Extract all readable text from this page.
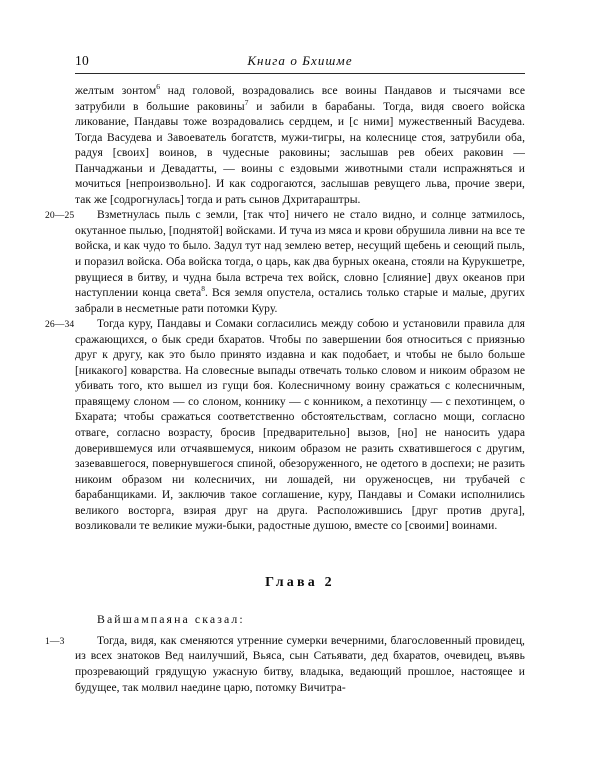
10	Книга о Бхишме

желтым зонтом$^6$ над головой, возрадовались все воины Пандавов и тысячами все затрубили в большие раковины$^7$ и забили в барабаны. Тогда, видя своего войска ликование, Пандавы тоже возрадовались сердцем, и [с ними] мужественный Васудева. Тогда Васудева и Завоеватель богатств, мужи-тигры, на колеснице стоя, затрубили оба, радуя [своих] воинов, в чудесные раковины; заслышав рев обеих раковин — Панчаджаньи и Девадатты, — воины с ездовыми животными стали испражняться и мочиться [непроизвольно]. И как содрогаются, заслышав ревущего льва, прочие звери, так же [содрогнулась] тогда и рать сынов Дхритараштры.

20—25 Взметнулась пыль с земли, [так что] ничего не стало видно, и солнце затмилось, окутанное пылью, [поднятой] войсками. И туча из мяса и крови обрушила ливни на все те войска, и как чудо то было. Задул тут над землею ветер, несущий щебень и сеющий пыль, и поразил войска. Оба войска тогда, о царь, как два бурных океана, стояли на Курукшетре, рвущиеся в битву, и чудна была встреча тех войск, словно [слияние] двух океанов при наступлении конца света$^8$. Вся земля опустела, остались только старые и малые, других забрали в несметные рати потомки Куру.

26—34 Тогда куру, Пандавы и Сомаки согласились между собою и установили правила для сражающихся, о бык среди бхаратов. Чтобы по завершении боя относиться с приязнью друг к другу, как это было принято издавна и как подобает, и чтобы не было больше [никакого] коварства. На словесные выпады отвечать только словом и никоим образом не убивать того, кто вышел из гущи боя. Колесничному воину сражаться с колесничным, правящему слоном — со слоном, коннику — с конником, а пехотинцу — с пехотинцем, о Бхарата; чтобы сражаться соответственно обстоятельствам, согласно мощи, согласно отваге, согласно возрасту, бросив [предварительно] вызов, [но] не наносить удара доверившемуся или отчаявшемуся, никоим образом не разить схватившегося с другим, зазевавшегося, повернувшегося спиной, обезоруженного, не одетого в доспехи; не разить никоим образом ни колесничих, ни лошадей, ни оруженосцев, ни трубачей с барабанщиками. И, заключив такое соглашение, куру, Пандавы и Сомаки исполнились великого восторга, взирая друг на друга. Расположившись [друг против друга], возликовали те великие мужи-быки, радостные душою, вместе со [своими] воинами.

Глава 2

Вайшампаяна сказал:

1—3	Тогда, видя, как сменяются утренние сумерки вечерними, благословенный провидец, из всех знатоков Вед наилучший, Вьяса, сын Сатьявати, дед бхаратов, очевидец, въявь прозревающий грядущую ужасную битву, владыка, ведающий прошлое, настоящее и будущее, так молвил наедине царю, потомку Вичитра-
